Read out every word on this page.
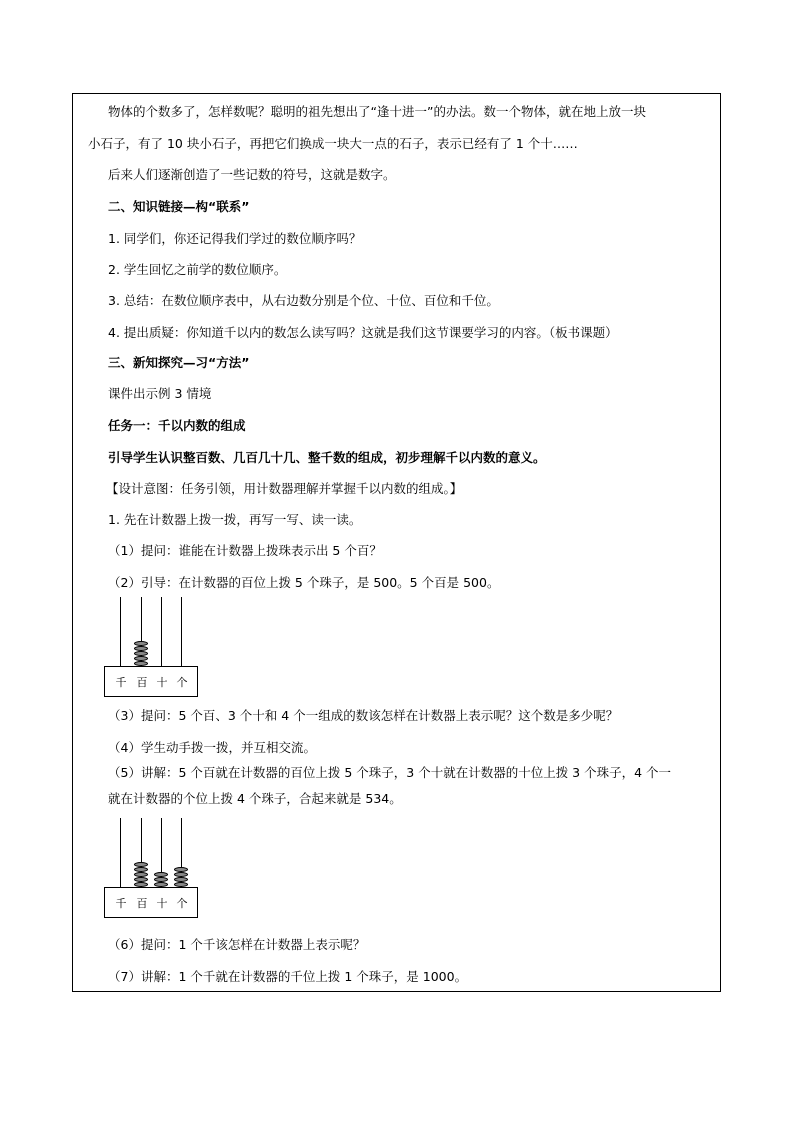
物体的个数多了，怎样数呢？聪明的祖先想出了“逢十进一”的办法。数一个物体，就在地上放一块
小石子，有了 10 块小石子，再把它们换成一块大一点的石子，表示已经有了 1 个十……
后来人们逐渐创造了一些记数的符号，这就是数字。
二、知识链接—构“联系”
1. 同学们，你还记得我们学过的数位顺序吗？
2. 学生回忆之前学的数位顺序。
3. 总结：在数位顺序表中，从右边数分别是个位、十位、百位和千位。
4. 提出质疑：你知道千以内的数怎么读写吗？这就是我们这节课要学习的内容。（板书课题）
三、新知探究—习“方法”
课件出示例 3 情境
任务一：千以内数的组成
引导学生认识整百数、几百几十几、整千数的组成，初步理解千以内数的意义。
【设计意图：任务引领，用计数器理解并掌握千以内数的组成。】
1. 先在计数器上拨一拨，再写一写、读一读。
（1）提问：谁能在计数器上拨珠表示出 5 个百？
（2）引导：在计数器的百位上拨 5 个珠子，是 500。5 个百是 500。
千 百 十 个
（3）提问：5 个百、3 个十和 4 个一组成的数该怎样在计数器上表示呢？这个数是多少呢？
（4）学生动手拨一拨，并互相交流。
（5）讲解：5 个百就在计数器的百位上拨 5 个珠子，3 个十就在计数器的十位上拨 3 个珠子，4 个一
就在计数器的个位上拨 4 个珠子，合起来就是 534。
千 百 十 个
（6）提问：1 个千该怎样在计数器上表示呢？
（7）讲解：1 个千就在计数器的千位上拨 1 个珠子，是 1000。
